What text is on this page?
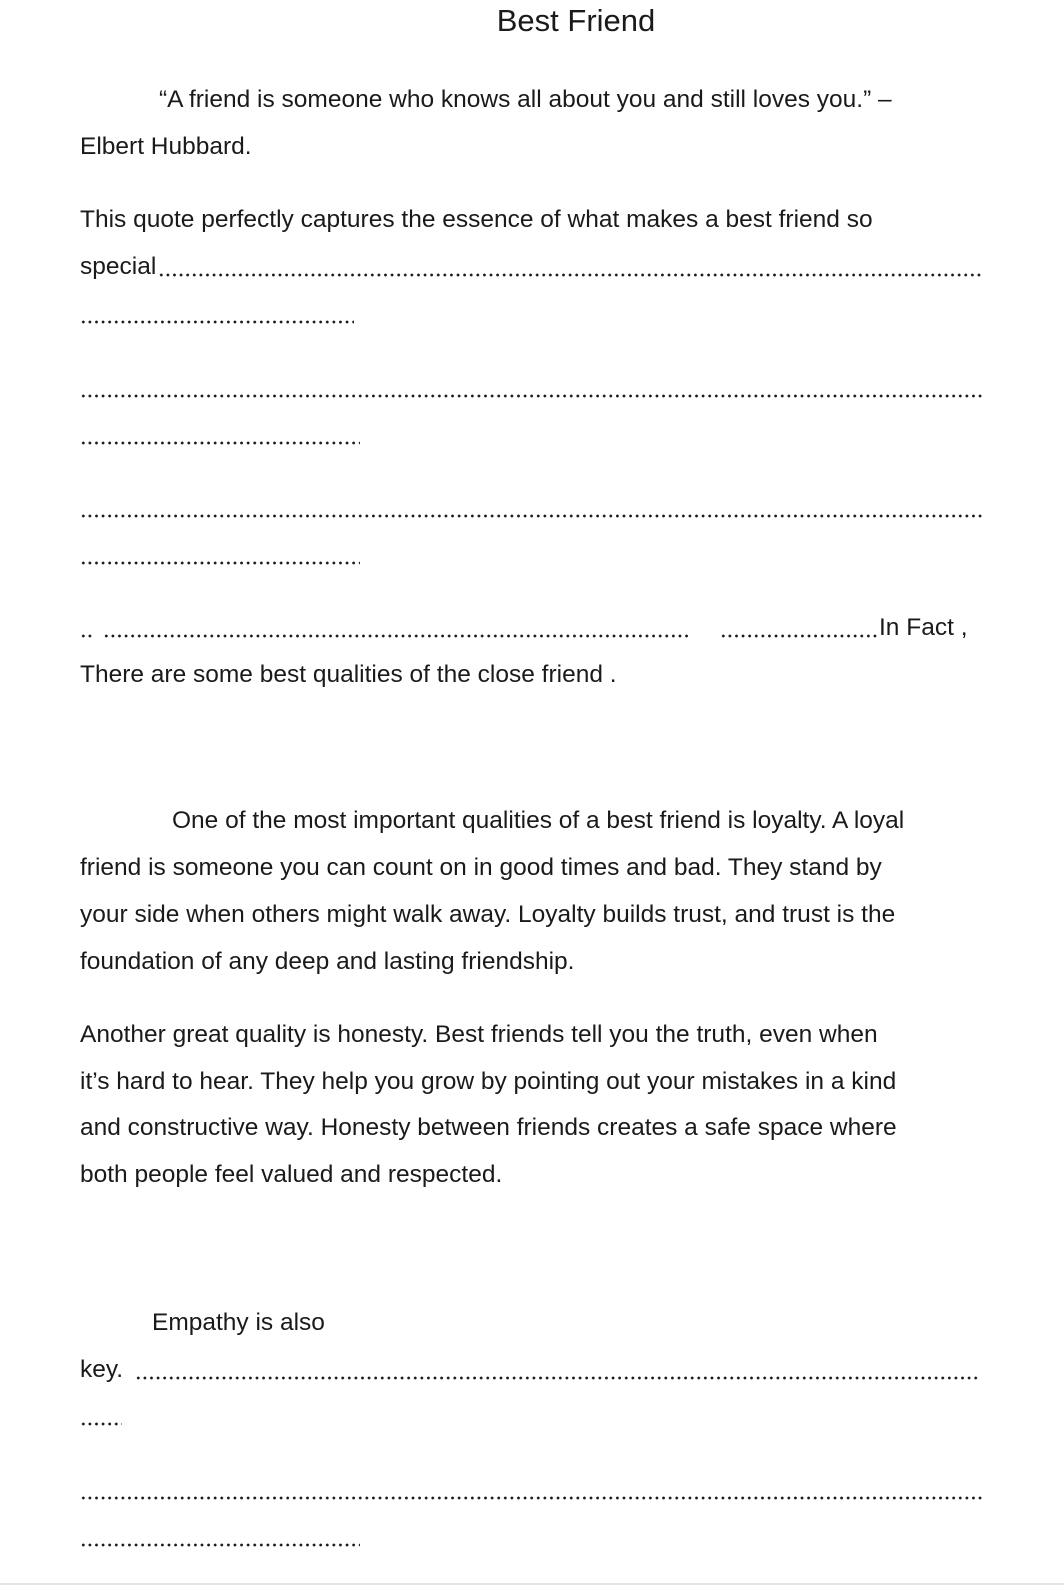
Best Friend
“A friend is someone who knows all about you and still loves you.” –
Elbert Hubbard.
This quote perfectly captures the essence of what makes a best friend so
special
In Fact ,
There are some best qualities of the close friend .
One of the most important qualities of a best friend is loyalty. A loyal
friend is someone you can count on in good times and bad. They stand by
your side when others might walk away. Loyalty builds trust, and trust is the
foundation of any deep and lasting friendship.
Another great quality is honesty. Best friends tell you the truth, even when
it’s hard to hear. They help you grow by pointing out your mistakes in a kind
and constructive way. Honesty between friends creates a safe space where
both people feel valued and respected.
Empathy is also
key.
